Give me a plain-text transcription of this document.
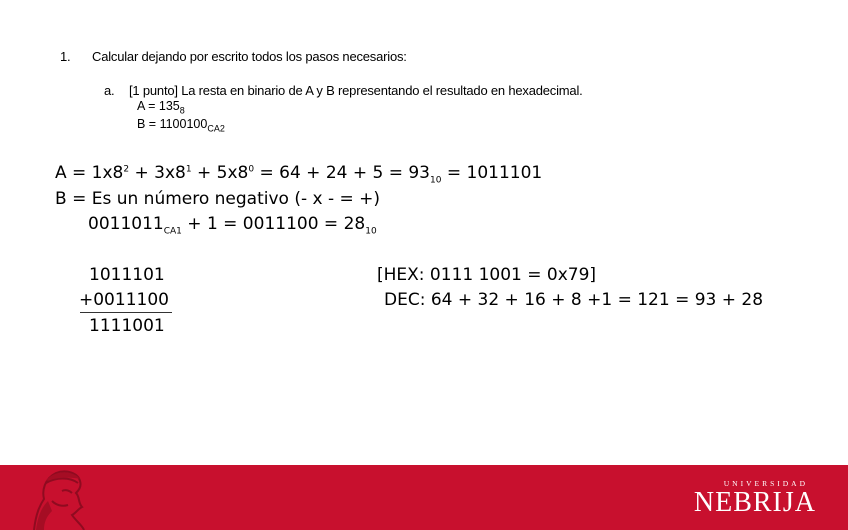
1. Calcular dejando por escrito todos los pasos necesarios:
a. [1 punto] La resta en binario de A y B representando el resultado en hexadecimal.
$A = 135_8$
$B = 1100100_{CA2}$
$A = 1x8^2 + 3x8^1 + 5x8^0 = 64 + 24 + 5 = 93_{10} = 1011101$
B = Es un número negativo (- x - = +)
$0011011_{CA1} + 1 = 0011100 = 28_{10}$
1011101
+0011100
1111001
[HEX: 0111 1001 = 0x79]
DEC: 64 + 32 + 16 + 8 +1 = 121 = 93 + 28
UNIVERSIDAD
NEBRIJA
